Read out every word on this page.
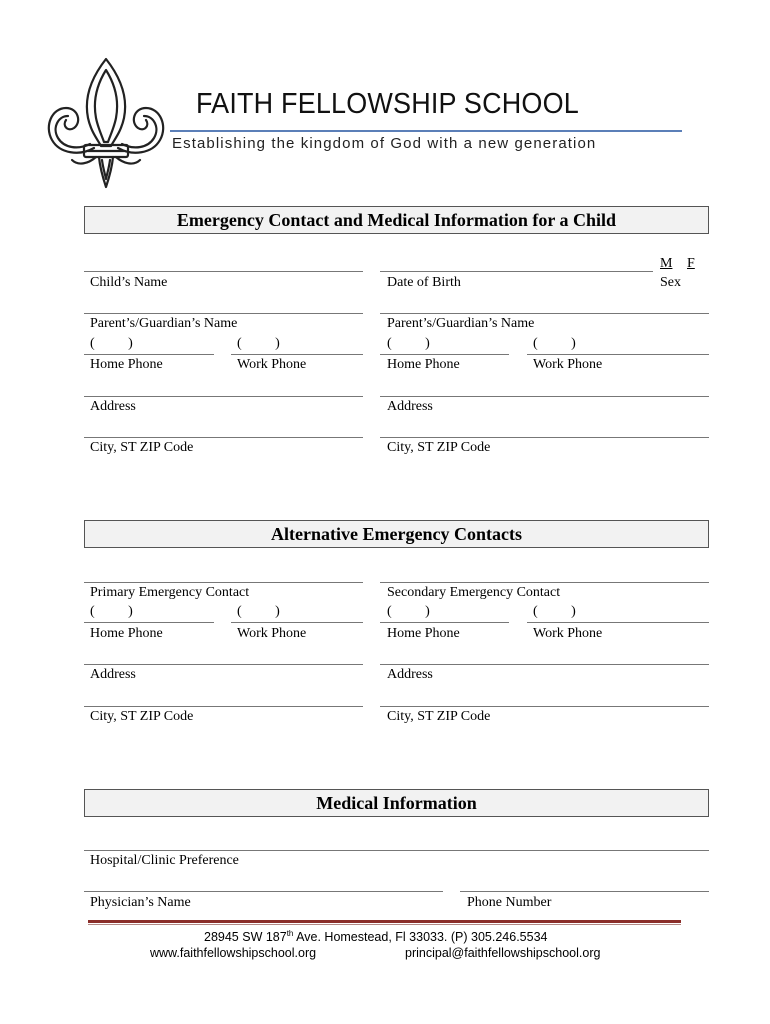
FAITH FELLOWSHIP SCHOOL
Establishing the kingdom of God with a new generation
Emergency Contact and Medical Information for a Child
Child’s Name	Date of Birth
M F
Sex
Parent’s/Guardian’s Name	Parent’s/Guardian’s Name
( )	( )	( )	( )
Home Phone	Work Phone	Home Phone	Work Phone
Address	Address
City, ST ZIP Code	City, ST ZIP Code
Alternative Emergency Contacts
Primary Emergency Contact	Secondary Emergency Contact
( )	( )	( )	( )
Home Phone	Work Phone	Home Phone	Work Phone
Address	Address
City, ST ZIP Code	City, ST ZIP Code
Medical Information
Hospital/Clinic Preference
Physician’s Name	Phone Number
28945 SW 187th Ave. Homestead, Fl 33033. (P) 305.246.5534
www.faithfellowshipschool.org	principal@faithfellowshipschool.org
